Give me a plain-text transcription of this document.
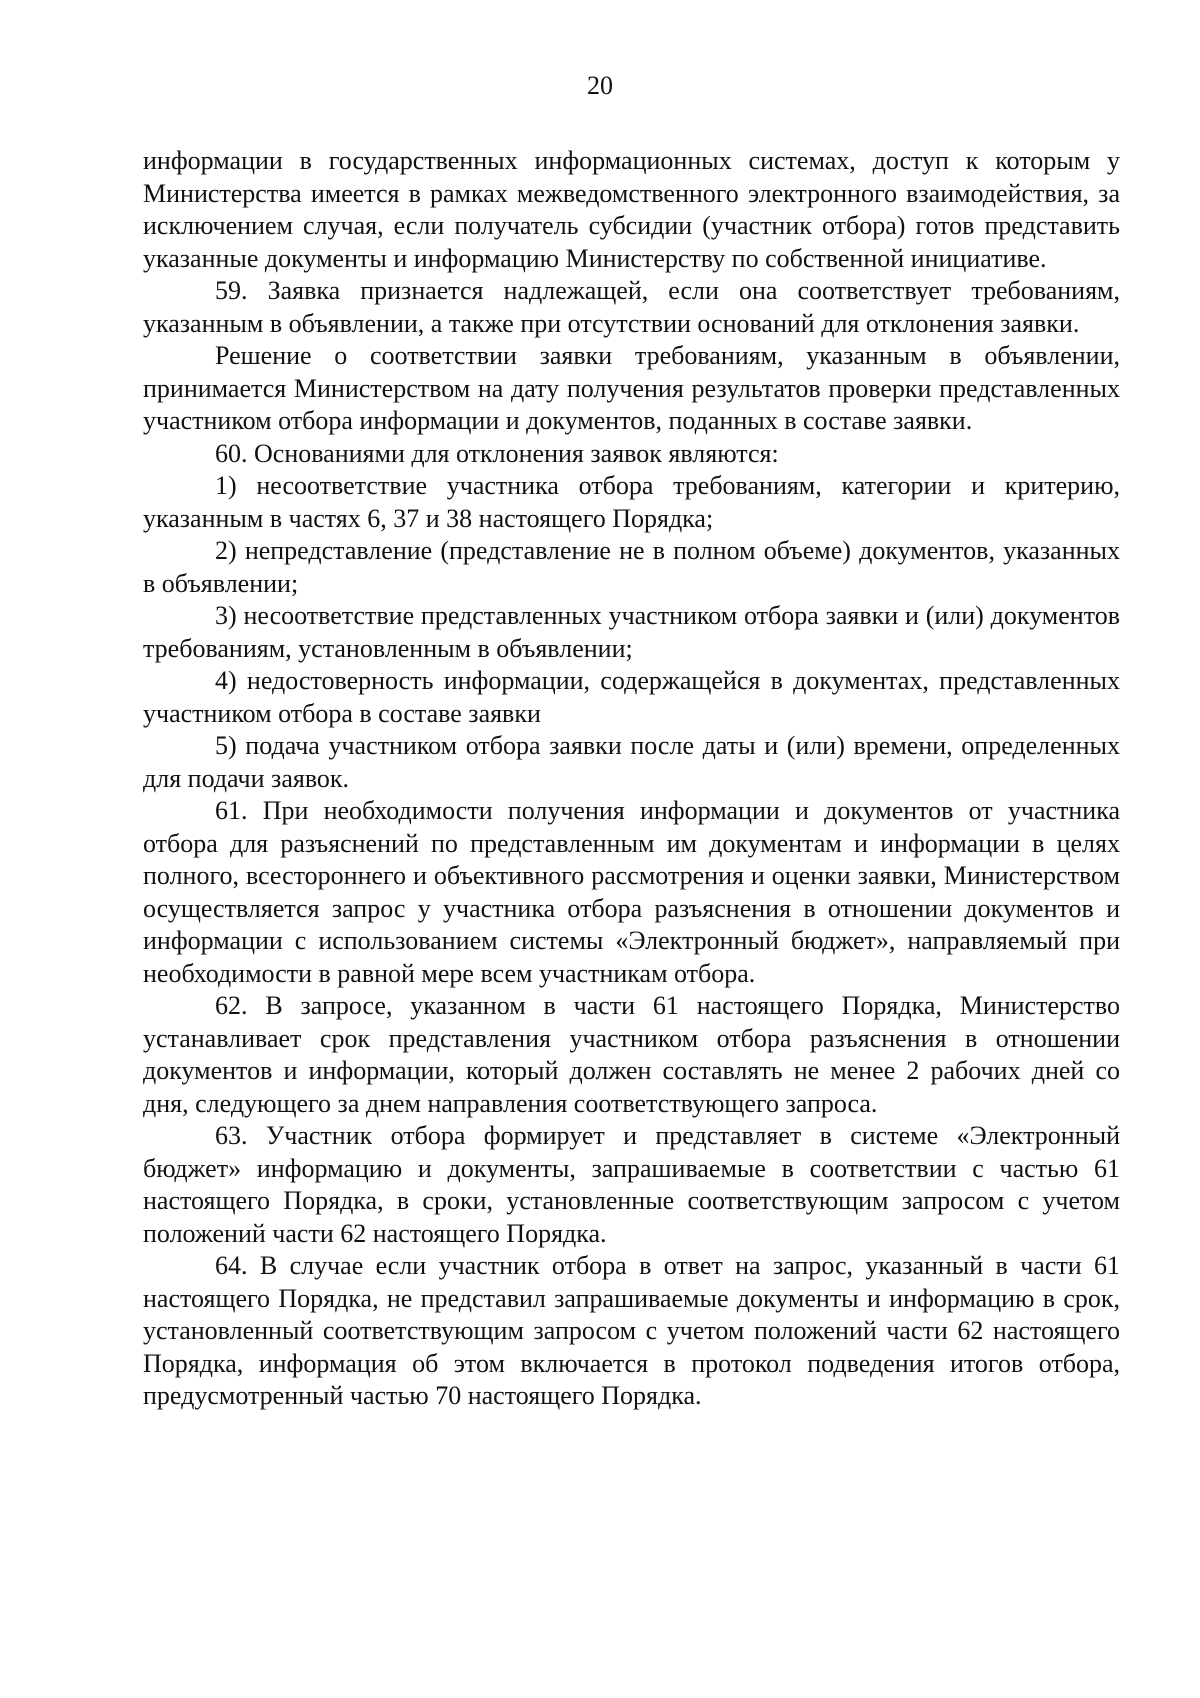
20

информации в государственных информационных системах, доступ к которым у Министерства имеется в рамках межведомственного электронного взаимодействия, за исключением случая, если получатель субсидии (участник отбора) готов представить указанные документы и информацию Министерству по собственной инициативе.

59. Заявка признается надлежащей, если она соответствует требованиям, указанным в объявлении, а также при отсутствии оснований для отклонения заявки.

Решение о соответствии заявки требованиям, указанным в объявлении, принимается Министерством на дату получения результатов проверки представленных участником отбора информации и документов, поданных в составе заявки.

60. Основаниями для отклонения заявок являются:

1) несоответствие участника отбора требованиям, категории и критерию, указанным в частях 6, 37 и 38 настоящего Порядка;

2) непредставление (представление не в полном объеме) документов, указанных в объявлении;

3) несоответствие представленных участником отбора заявки и (или) документов требованиям, установленным в объявлении;

4) недостоверность информации, содержащейся в документах, представленных участником отбора в составе заявки

5) подача участником отбора заявки после даты и (или) времени, определенных для подачи заявок.

61. При необходимости получения информации и документов от участника отбора для разъяснений по представленным им документам и информации в целях полного, всестороннего и объективного рассмотрения и оценки заявки, Министерством осуществляется запрос у участника отбора разъяснения в отношении документов и информации с использованием системы «Электронный бюджет», направляемый при необходимости в равной мере всем участникам отбора.

62. В запросе, указанном в части 61 настоящего Порядка, Министерство устанавливает срок представления участником отбора разъяснения в отношении документов и информации, который должен составлять не менее 2 рабочих дней со дня, следующего за днем направления соответствующего запроса.

63. Участник отбора формирует и представляет в системе «Электронный бюджет» информацию и документы, запрашиваемые в соответствии с частью 61 настоящего Порядка, в сроки, установленные соответствующим запросом с учетом положений части 62 настоящего Порядка.

64. В случае если участник отбора в ответ на запрос, указанный в части 61 настоящего Порядка, не представил запрашиваемые документы и информацию в срок, установленный соответствующим запросом с учетом положений части 62 настоящего Порядка, информация об этом включается в протокол подведения итогов отбора, предусмотренный частью 70 настоящего Порядка.
